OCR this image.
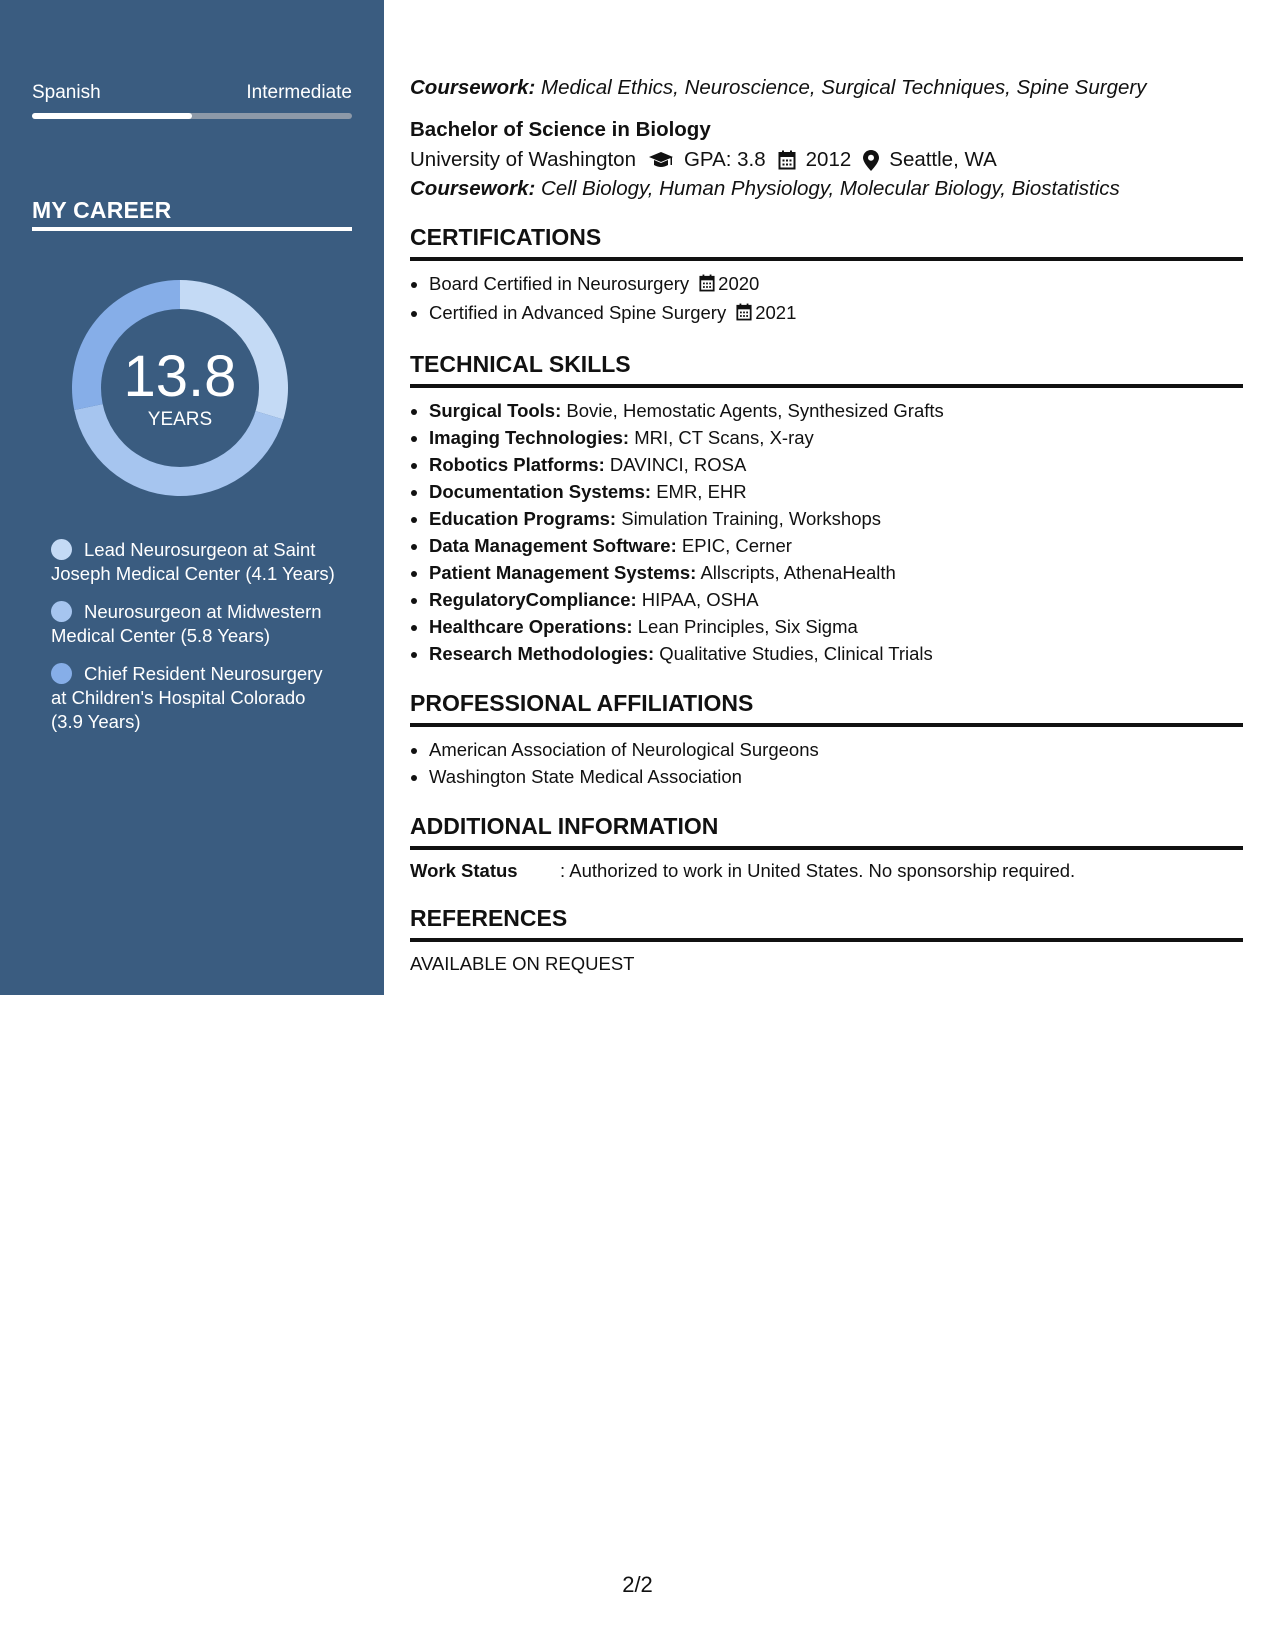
Spanish	Intermediate
MY CAREER
13.8
YEARS
Lead Neurosurgeon at Saint Joseph Medical Center (4.1 Years)
Neurosurgeon at Midwestern Medical Center (5.8 Years)
Chief Resident Neurosurgery at Children's Hospital Colorado (3.9 Years)

Coursework: Medical Ethics, Neuroscience, Surgical Techniques, Spine Surgery

Bachelor of Science in Biology
University of Washington GPA: 3.8 2012 Seattle, WA

Coursework: Cell Biology, Human Physiology, Molecular Biology, Biostatistics

CERTIFICATIONS
• Board Certified in Neurosurgery 2020
• Certified in Advanced Spine Surgery 2021
TECHNICAL SKILLS
• Surgical Tools: Bovie, Hemostatic Agents, Synthesized Grafts
• Imaging Technologies: MRI, CT Scans, X-ray
• Robotics Platforms: DAVINCI, ROSA
• Documentation Systems: EMR, EHR
• Education Programs: Simulation Training, Workshops
• Data Management Software: EPIC, Cerner
• Patient Management Systems: Allscripts, AthenaHealth
• RegulatoryCompliance: HIPAA, OSHA
• Healthcare Operations: Lean Principles, Six Sigma
• Research Methodologies: Qualitative Studies, Clinical Trials
PROFESSIONAL AFFILIATIONS
• American Association of Neurological Surgeons
• Washington State Medical Association
ADDITIONAL INFORMATION
Work Status	: Authorized to work in United States. No sponsorship required.
REFERENCES
AVAILABLE ON REQUEST
2/2
